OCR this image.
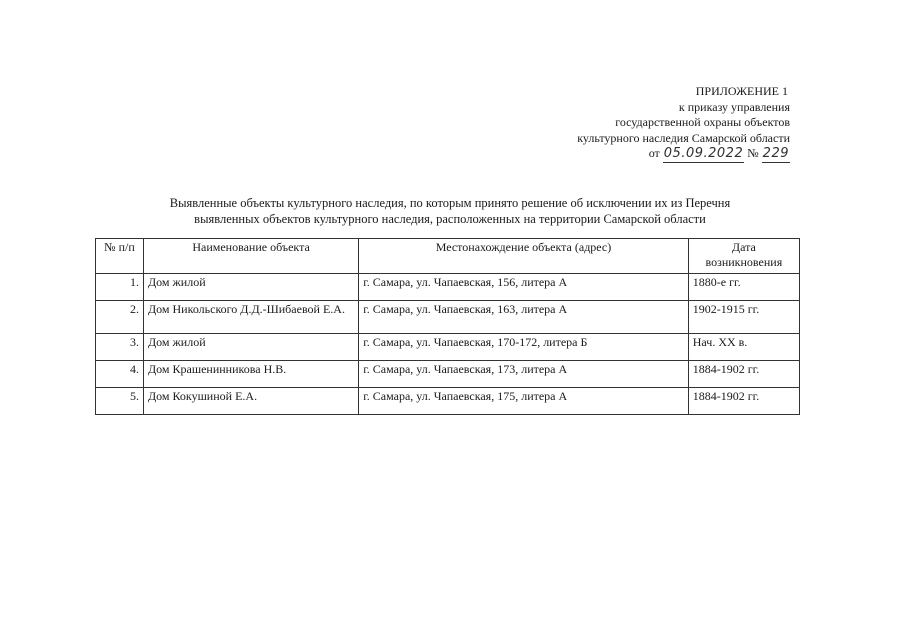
ПРИЛОЖЕНИЕ 1
к приказу управления
государственной охраны объектов
культурного наследия Самарской области
от 05.09.2022 № 229
Выявленные объекты культурного наследия, по которым принято решение об исключении их из Перечня
выявленных объектов культурного наследия, расположенных на территории Самарской области
№ п/п	Наименование объекта	Местонахождение объекта (адрес)	Дата возникновения
1.	Дом жилой	г. Самара, ул. Чапаевская, 156, литера А	1880-е гг.
2.	Дом Никольского Д.Д.-Шибаевой Е.А.	г. Самара, ул. Чапаевская, 163, литера А	1902-1915 гг.
3.	Дом жилой	г. Самара, ул. Чапаевская, 170-172, литера Б	Нач. XX в.
4.	Дом Крашенинникова Н.В.	г. Самара, ул. Чапаевская, 173, литера А	1884-1902 гг.
5.	Дом Кокушиной Е.А.	г. Самара, ул. Чапаевская, 175, литера А	1884-1902 гг.
